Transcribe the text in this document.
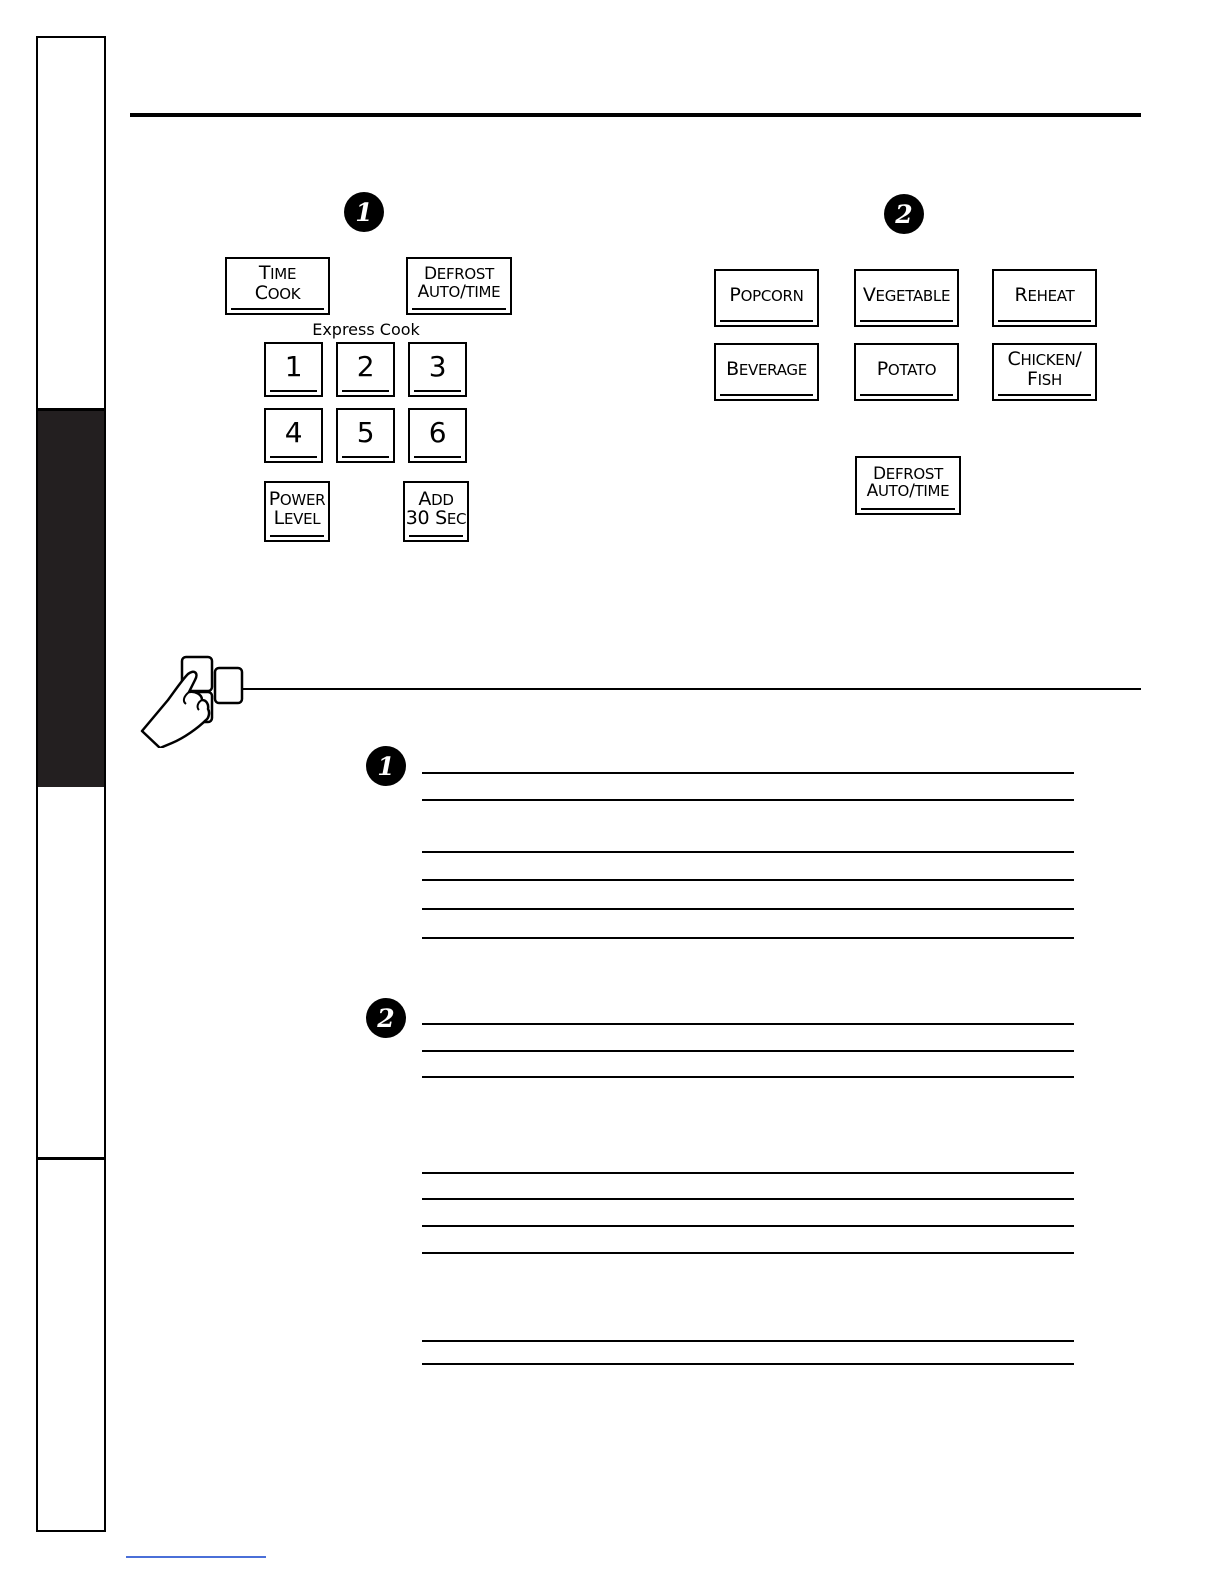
1
TIME
COOK
DEFROST
AUTO/TIME
Express Cook
1	2	3
4	5	6
POWER
LEVEL
ADD
30 SEC
2
POPCORN	VEGETABLE	REHEAT
BEVERAGE	POTATO	CHICKEN/
FISH
DEFROST
AUTO/TIME
1
2
